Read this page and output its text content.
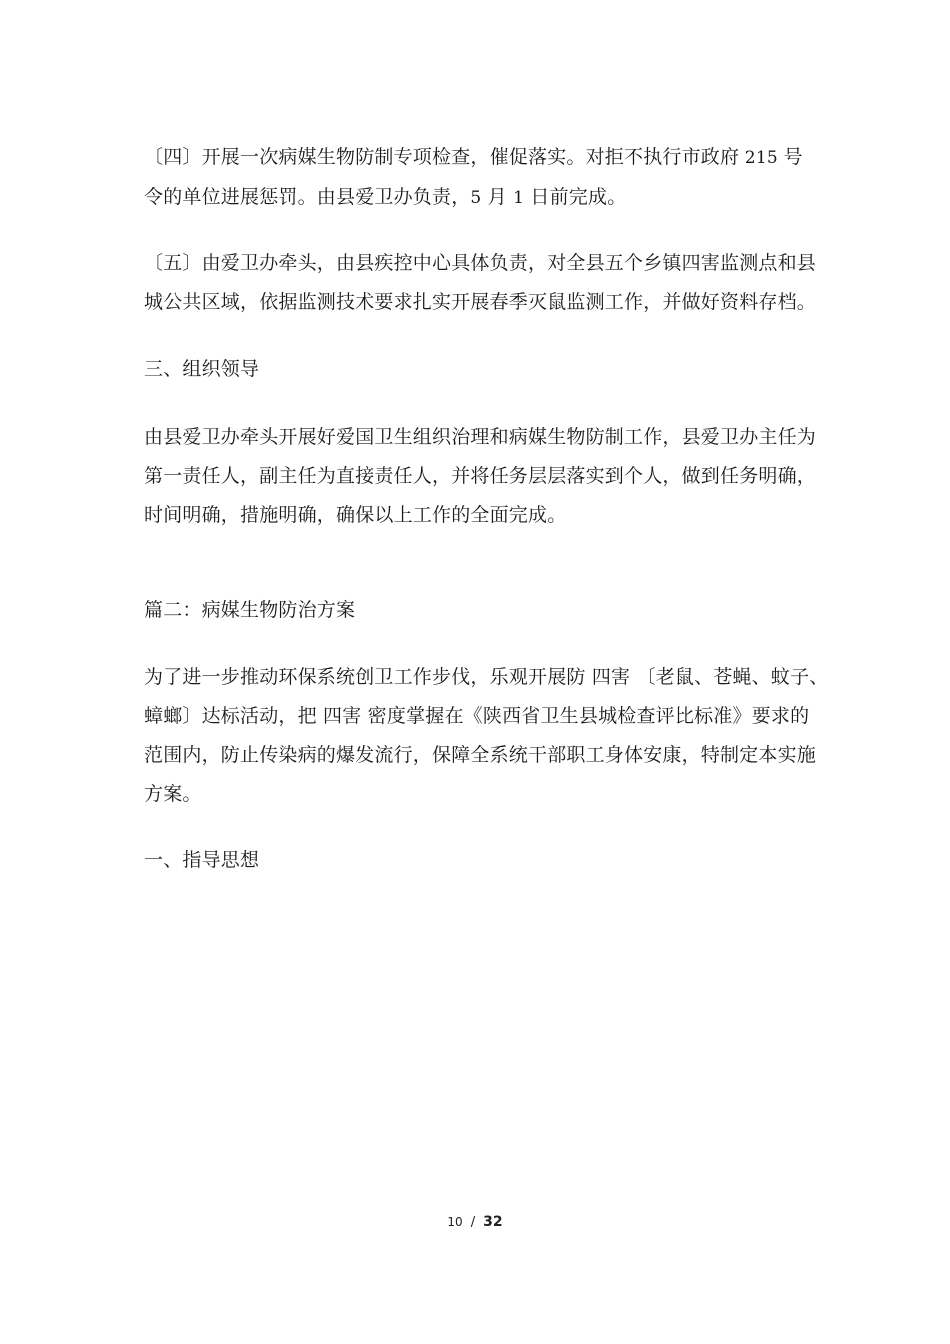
〔四〕开展一次病媒生物防制专项检查，催促落实。对拒不执行市政府 215 号
令的单位进展惩罚。由县爱卫办负责，5 月 1 日前完成。

〔五〕由爱卫办牵头，由县疾控中心具体负责，对全县五个乡镇四害监测点和县
城公共区域，依据监测技术要求扎实开展春季灭鼠监测工作，并做好资料存档。

三、组织领导

由县爱卫办牵头开展好爱国卫生组织治理和病媒生物防制工作，县爱卫办主任为
第一责任人，副主任为直接责任人，并将任务层层落实到个人，做到任务明确，
时间明确，措施明确，确保以上工作的全面完成。

篇二：病媒生物防治方案

为了进一步推动环保系统创卫工作步伐，乐观开展防 四害 〔老鼠、苍蝇、蚊子、
蟑螂〕达标活动，把 四害 密度掌握在《陕西省卫生县城检查评比标准》要求的
范围内，防止传染病的爆发流行，保障全系统干部职工身体安康，特制定本实施
方案。

一、指导思想

10 / 32
